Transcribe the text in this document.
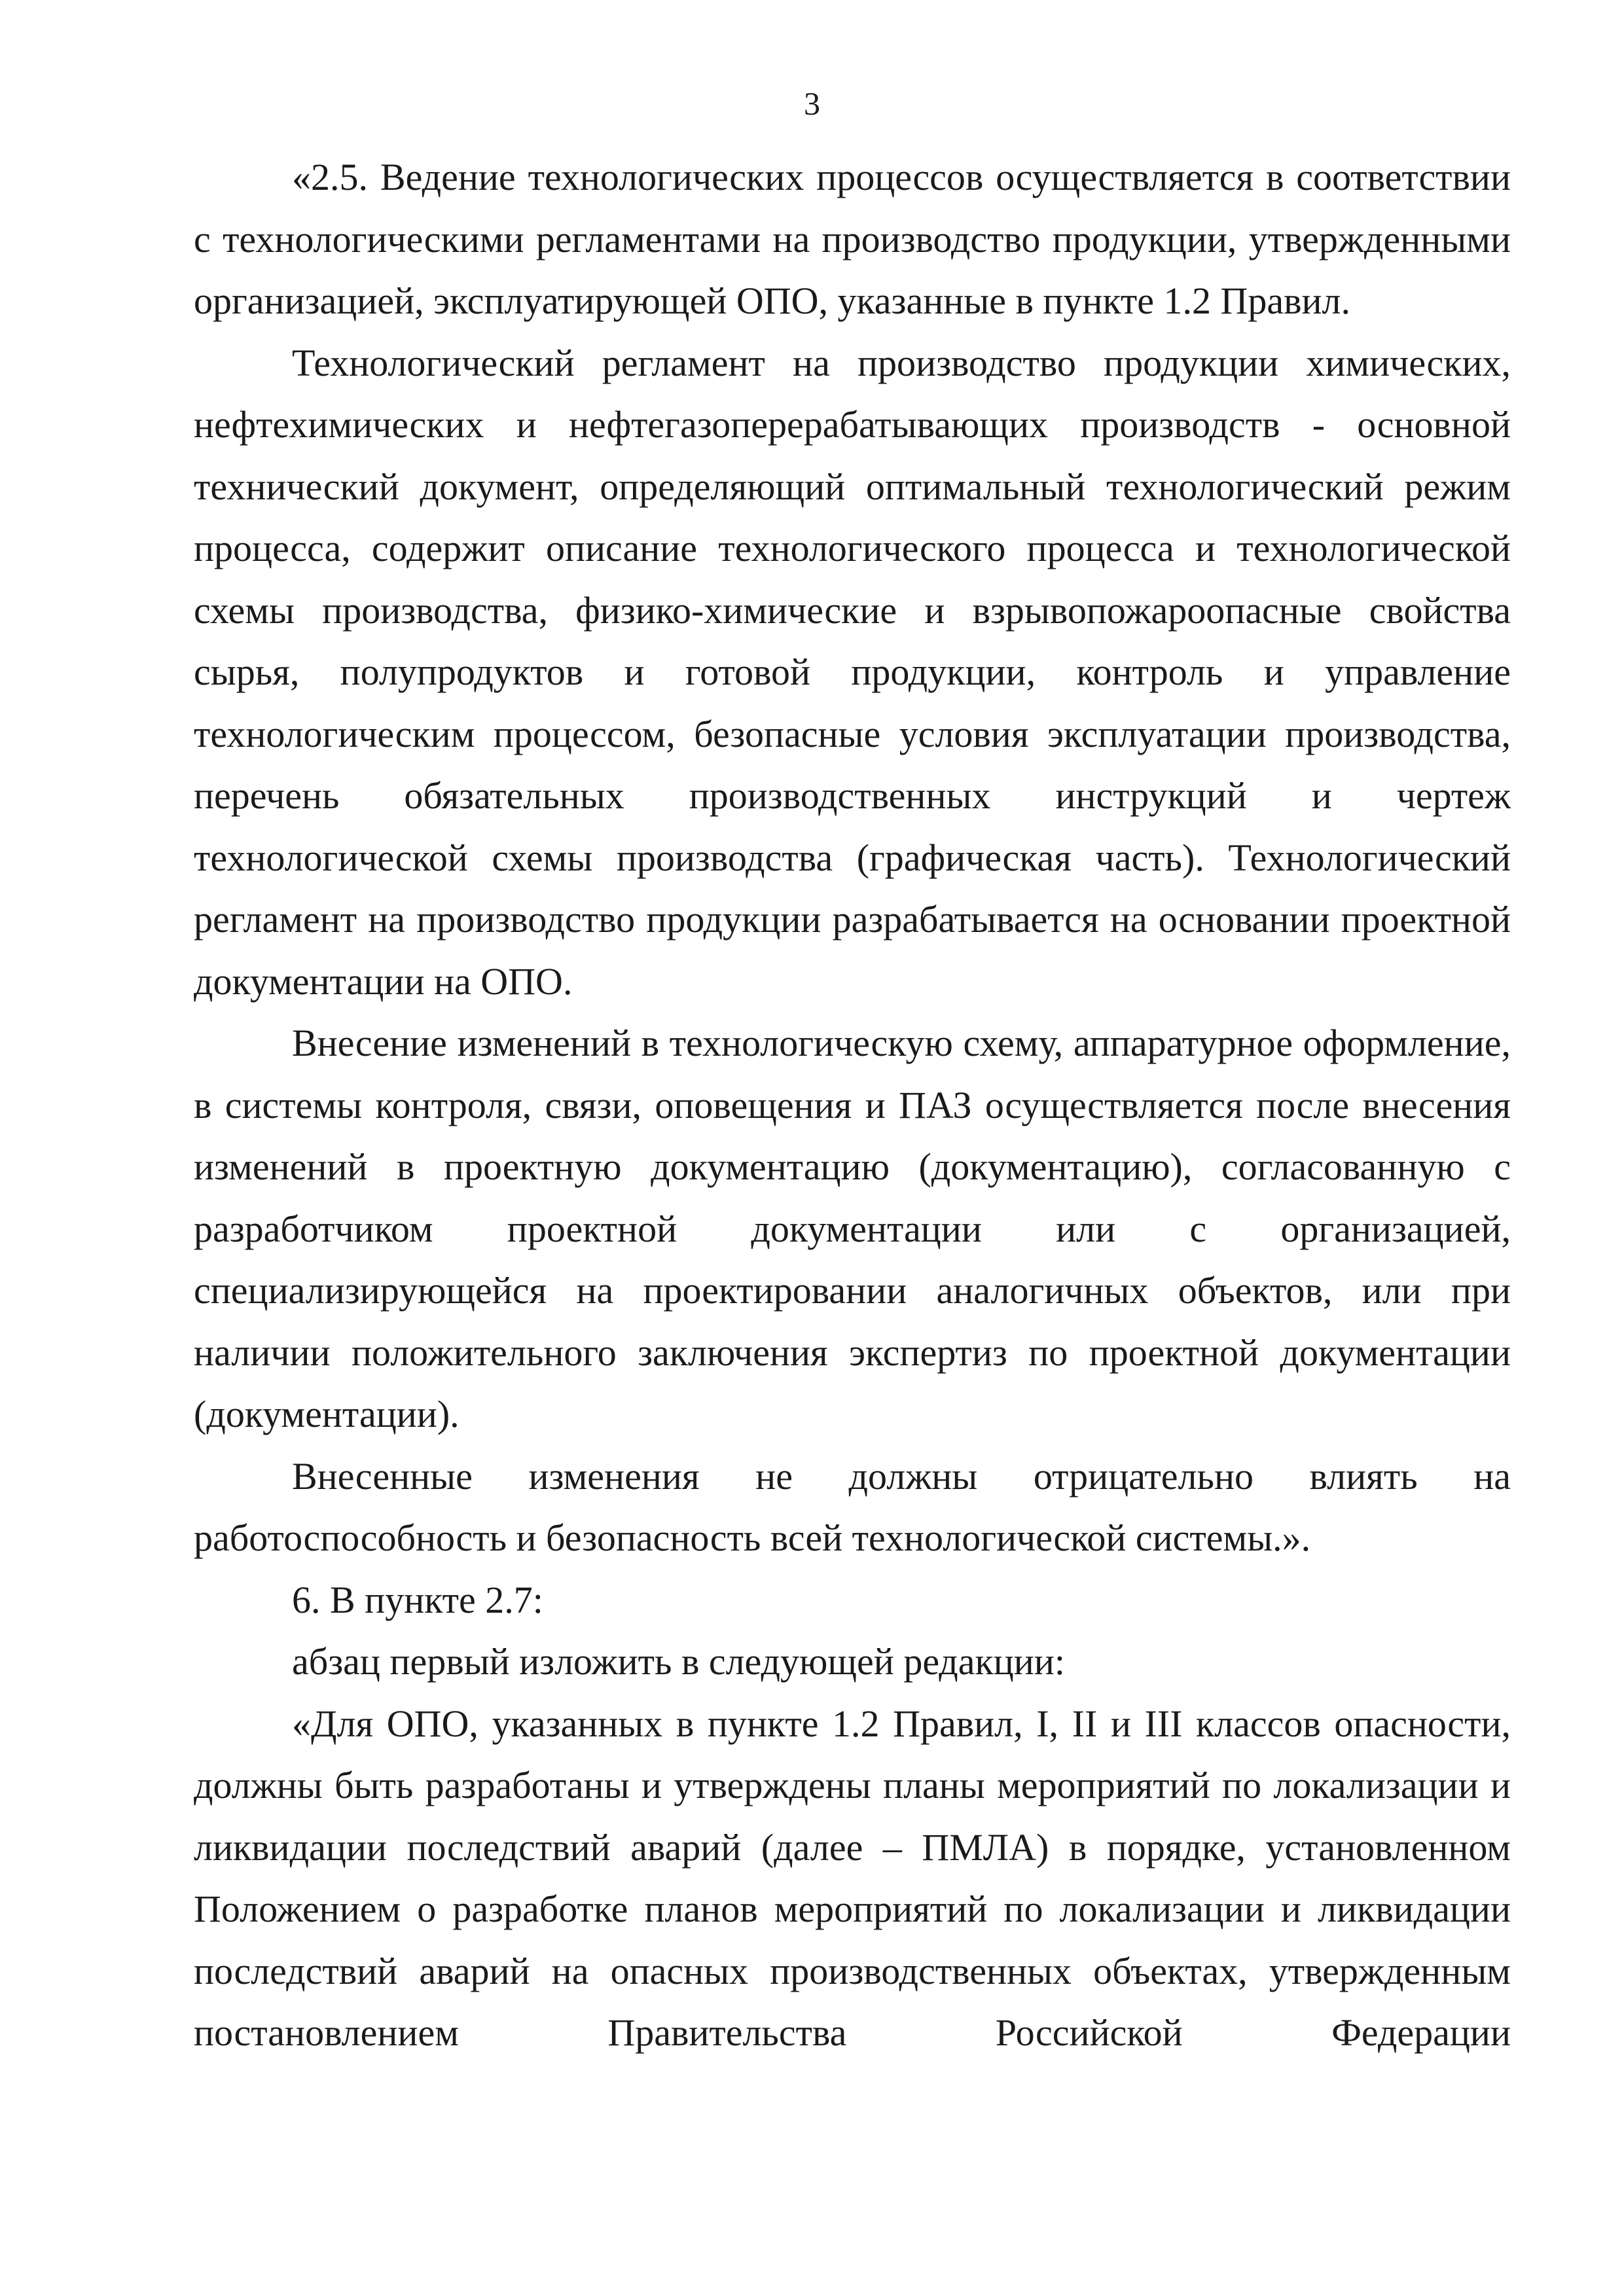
3

«2.5. Ведение технологических процессов осуществляется в соответствии с технологическими регламентами на производство продукции, утвержденными организацией, эксплуатирующей ОПО, указанные в пункте 1.2 Правил.

Технологический регламент на производство продукции химических, нефтехимических и нефтегазоперерабатывающих производств - основной технический документ, определяющий оптимальный технологический режим процесса, содержит описание технологического процесса и технологической схемы производства, физико-химические и взрывопожароопасные свойства сырья, полупродуктов и готовой продукции, контроль и управление технологическим процессом, безопасные условия эксплуатации производства, перечень обязательных производственных инструкций и чертеж технологической схемы производства (графическая часть). Технологический регламент на производство продукции разрабатывается на основании проектной документации на ОПО.

Внесение изменений в технологическую схему, аппаратурное оформление, в системы контроля, связи, оповещения и ПАЗ осуществляется после внесения изменений в проектную документацию (документацию), согласованную с разработчиком проектной документации или с организацией, специализирующейся на проектировании аналогичных объектов, или при наличии положительного заключения экспертиз по проектной документации (документации).

Внесенные изменения не должны отрицательно влиять на работоспособность и безопасность всей технологической системы.».

6. В пункте 2.7:

абзац первый изложить в следующей редакции:

«Для ОПО, указанных в пункте 1.2 Правил, I, II и III классов опасности, должны быть разработаны и утверждены планы мероприятий по локализации и ликвидации последствий аварий (далее – ПМЛА) в порядке, установленном Положением о разработке планов мероприятий по локализации и ликвидации последствий аварий на опасных производственных объектах, утвержденным постановлением Правительства Российской Федерации
